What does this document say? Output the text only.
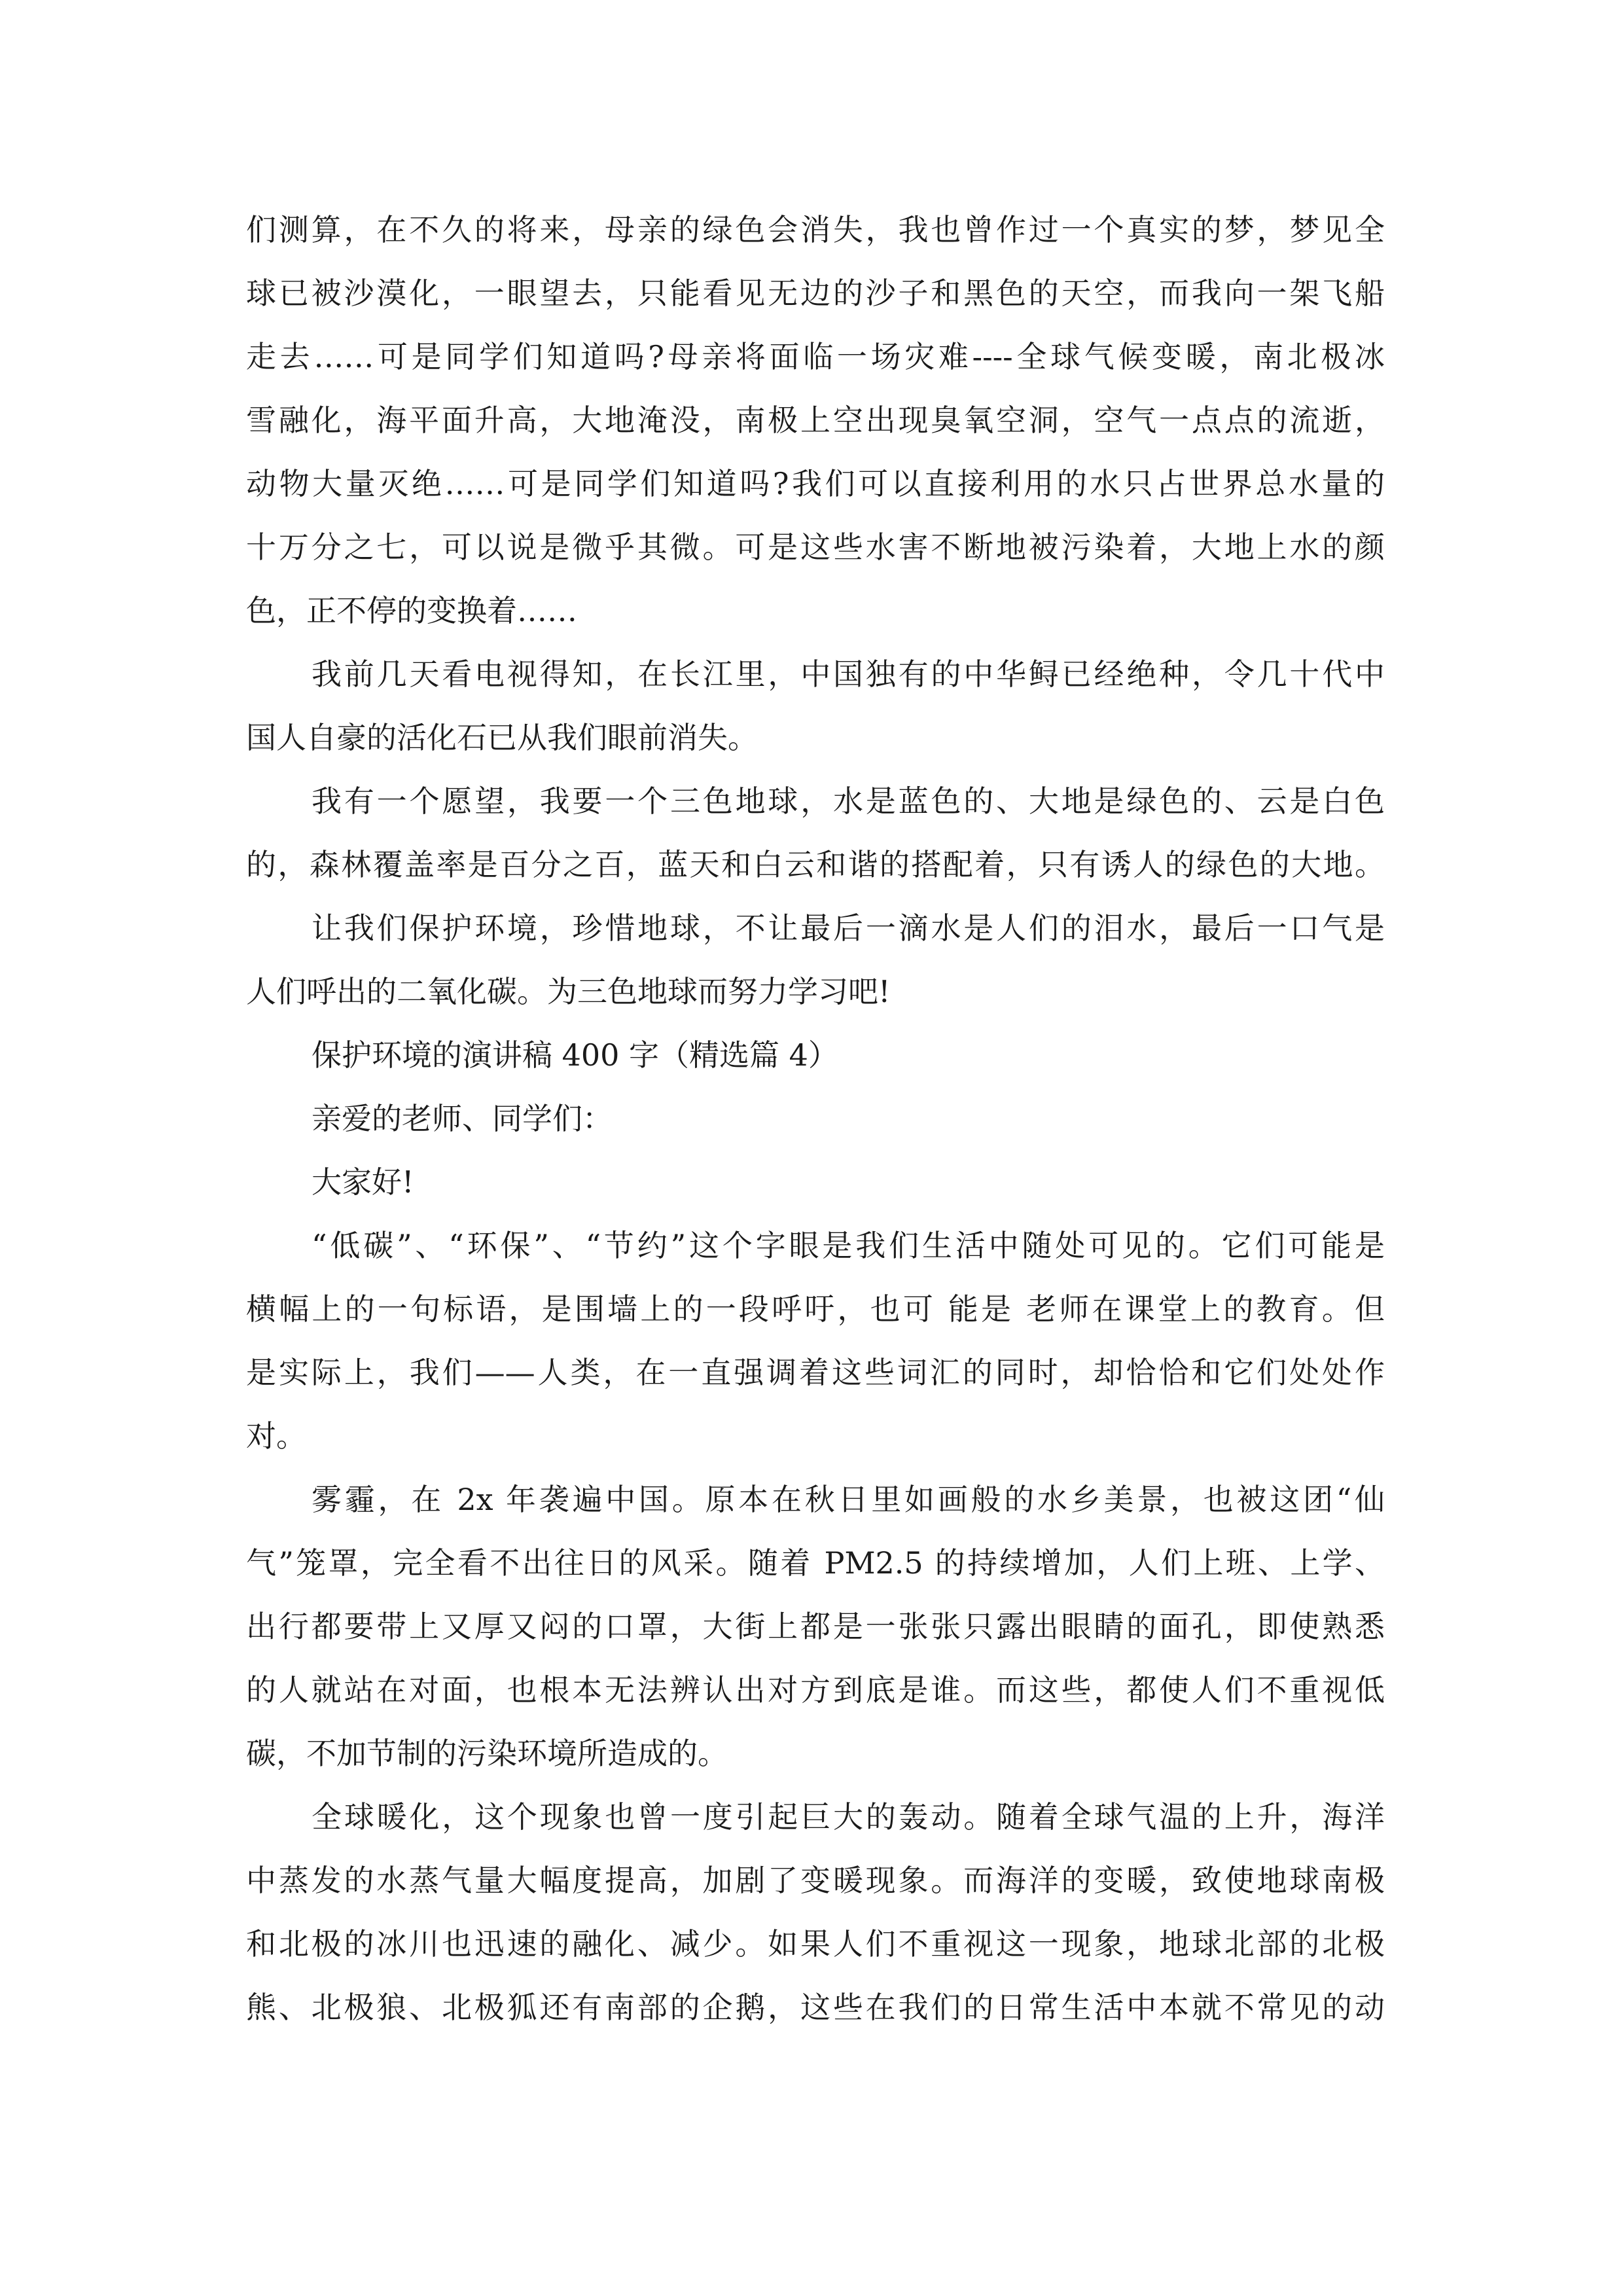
们测算，在不久的将来，母亲的绿色会消失，我也曾作过一个真实的梦，梦见全
球已被沙漠化，一眼望去，只能看见无边的沙子和黑色的天空，而我向一架飞船
走去……可是同学们知道吗?母亲将面临一场灾难----全球气候变暖，南北极冰
雪融化，海平面升高，大地淹没，南极上空出现臭氧空洞，空气一点点的流逝，
动物大量灭绝……可是同学们知道吗?我们可以直接利用的水只占世界总水量的
十万分之七，可以说是微乎其微。可是这些水害不断地被污染着，大地上水的颜
色，正不停的变换着……
我前几天看电视得知，在长江里，中国独有的中华鲟已经绝种，令几十代中
国人自豪的活化石已从我们眼前消失。
我有一个愿望，我要一个三色地球，水是蓝色的、大地是绿色的、云是白色
的，森林覆盖率是百分之百，蓝天和白云和谐的搭配着，只有诱人的绿色的大地。
让我们保护环境，珍惜地球，不让最后一滴水是人们的泪水，最后一口气是
人们呼出的二氧化碳。为三色地球而努力学习吧!
保护环境的演讲稿 400 字（精选篇 4）
亲爱的老师、同学们：
大家好!
“低碳”、“环保”、“节约”这个字眼是我们生活中随处可见的。它们可能是
横幅上的一句标语，是围墙上的一段呼吁，也可 能是 老师在课堂上的教育。但
是实际上，我们——人类，在一直强调着这些词汇的同时，却恰恰和它们处处作
对。
雾霾，在 2x 年袭遍中国。原本在秋日里如画般的水乡美景，也被这团“仙
气”笼罩，完全看不出往日的风采。随着 PM2.5 的持续增加，人们上班、上学、
出行都要带上又厚又闷的口罩，大街上都是一张张只露出眼睛的面孔，即使熟悉
的人就站在对面，也根本无法辨认出对方到底是谁。而这些，都使人们不重视低
碳，不加节制的污染环境所造成的。
全球暖化，这个现象也曾一度引起巨大的轰动。随着全球气温的上升，海洋
中蒸发的水蒸气量大幅度提高，加剧了变暖现象。而海洋的变暖，致使地球南极
和北极的冰川也迅速的融化、减少。如果人们不重视这一现象，地球北部的北极
熊、北极狼、北极狐还有南部的企鹅，这些在我们的日常生活中本就不常见的动
